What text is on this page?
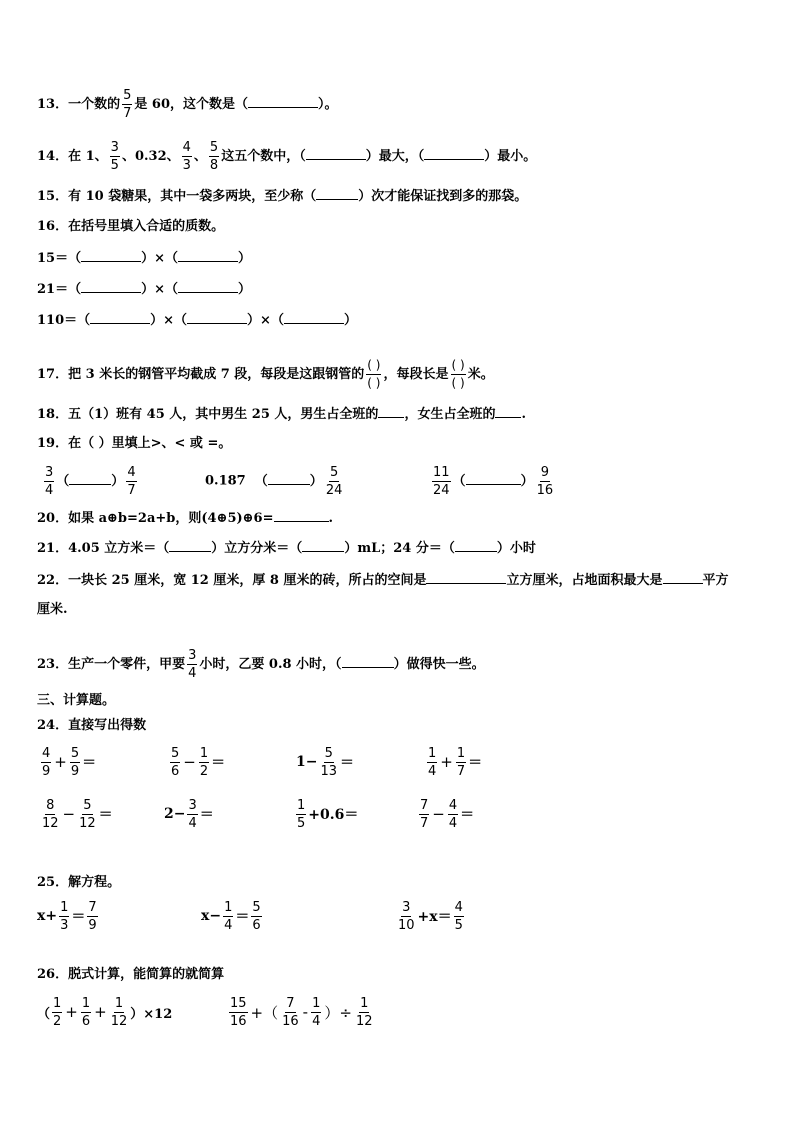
13．一个数的 $\frac{5}{7}$ 是 60，这个数是（	）。
14．在 1、 $\frac{3}{5}$ 、0.32、 $\frac{4}{3}$ 、 $\frac{5}{8}$ 这五个数中，（	）最大，（	）最小。
15．有 10 袋糖果，其中一袋多两块，至少称（	）次才能保证找到多的那袋。
16．在括号里填入合适的质数。
15＝（	）×（	）
21＝（	）×（	）
110＝（	）×（	）×（	）
17．把 3 米长的钢管平均截成 7 段，每段是这跟钢管的 $\frac{( )}{( )}$ ，每段长是 $\frac{( )}{( )}$ 米。
18．五（1）班有 45 人，其中男生 25 人，男生占全班的 ，女生占全班的 .
19．在（ ）里填上>、< 或 =。
$\frac{3}{4}$ （	） $\frac{4}{7}$	0.187 （	） $\frac{5}{24}$	$\frac{11}{24}$ （	） $\frac{9}{16}$
20．如果 a⊕b=2a+b，则(4⊕5)⊕6=	.
21．4.05 立方米＝（	）立方分米＝（	）mL；24 分＝（	）小时
22．一块长 25 厘米，宽 12 厘米，厚 8 厘米的砖，所占的空间是	立方厘米，占地面积最大是	平方
厘米.
23．生产一个零件，甲要 $\frac{3}{4}$ 小时，乙要 0.8 小时，（	）做得快一些。
三、计算题。
24．直接写出得数
$\frac{4}{9} + \frac{5}{9}$ ＝	$\frac{5}{6} - \frac{1}{2}$ ＝	$1- \frac{5}{13}$ ＝	$\frac{1}{4} + \frac{1}{7}$ ＝
$\frac{8}{12} - \frac{5}{12}$ ＝	$2- \frac{3}{4}$ ＝	$\frac{1}{5} +0.6=$	$\frac{7}{7} - \frac{4}{4}$ ＝
25．解方程。
$x+ \frac{1}{3} = \frac{7}{9}$	$x- \frac{1}{4} = \frac{5}{6}$	$\frac{3}{10} +x= \frac{4}{5}$
26．脱式计算，能简算的就简算
（ $\frac{1}{2} + \frac{1}{6} + \frac{1}{12} )\times 12$	$\frac{15}{16}$ +（ $\frac{7}{16} - \frac{1}{4}$ ）÷ $\frac{1}{12}$
